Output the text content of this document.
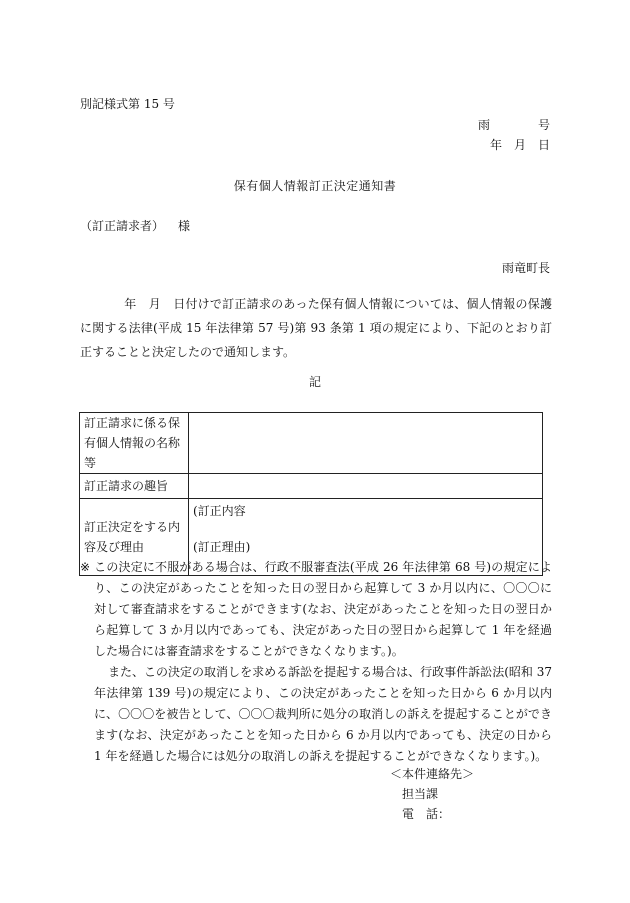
別記様式第 15 号
雨	号
年 月 日
保有個人情報訂正決定通知書
（訂正請求者） 様
雨竜町長
年 月 日付けで訂正請求のあった保有個人情報については、個人情報の保護に関する法律(平成 15 年法律第 57 号)第 93 条第 1 項の規定により、下記のとおり訂正することと決定したので通知します。
記
訂正請求に係る保有個人情報の名称等	
訂正請求の趣旨	
訂正決定をする内容及び理由	(訂正内容
(訂正理由)

※ この決定に不服がある場合は、行政不服審査法(平成 26 年法律第 68 号)の規定により、この決定があったことを知った日の翌日から起算して 3 か月以内に、〇〇〇に対して審査請求をすることができます(なお、決定があったことを知った日の翌日から起算して 3 か月以内であっても、決定があった日の翌日から起算して 1 年を経過した場合には審査請求をすることができなくなります。)。

また、この決定の取消しを求める訴訟を提起する場合は、行政事件訴訟法(昭和 37 年法律第 139 号)の規定により、この決定があったことを知った日から 6 か月以内に、〇〇〇を被告として、〇〇〇裁判所に処分の取消しの訴えを提起することができます(なお、決定があったことを知った日から 6 か月以内であっても、決定の日から 1 年を経過した場合には処分の取消しの訴えを提起することができなくなります。)。

＜本件連絡先＞
担当課
電　話：
